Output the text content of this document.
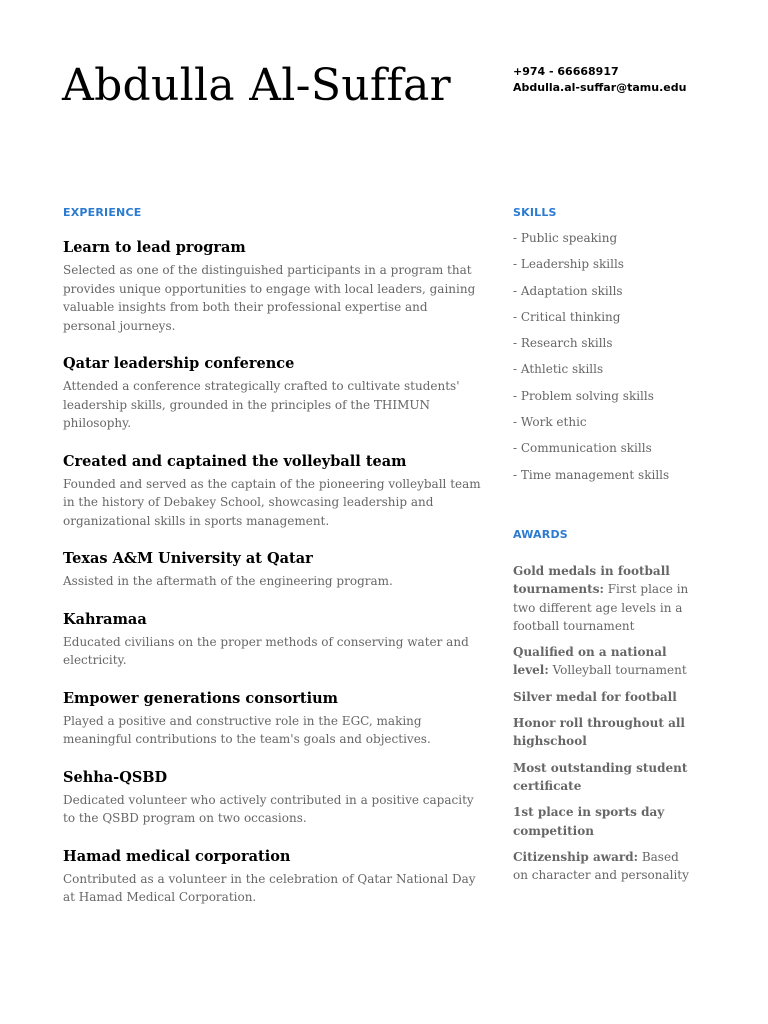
Abdulla Al-Suffar	+974 - 66668917
Abdulla.al-suffar@tamu.edu
EXPERIENCE
Learn to lead program

Selected as one of the distinguished participants in a program that provides unique opportunities to engage with local leaders, gaining valuable insights from both their professional expertise and personal journeys.

Qatar leadership conference

Attended a conference strategically crafted to cultivate students' leadership skills, grounded in the principles of the THIMUN philosophy.

Created and captained the volleyball team

Founded and served as the captain of the pioneering volleyball team in the history of Debakey School, showcasing leadership and organizational skills in sports management.

Texas A&M University at Qatar

Assisted in the aftermath of the engineering program.

Kahramaa

Educated civilians on the proper methods of conserving water and electricity.

Empower generations consortium

Played a positive and constructive role in the EGC, making meaningful contributions to the team's goals and objectives.

Sehha-QSBD

Dedicated volunteer who actively contributed in a positive capacity to the QSBD program on two occasions.

Hamad medical corporation

Contributed as a volunteer in the celebration of Qatar National Day at Hamad Medical Corporation.

SKILLS
- Public speaking
- Leadership skills
- Adaptation skills
- Critical thinking
- Research skills
- Athletic skills
- Problem solving skills
- Work ethic
- Communication skills
- Time management skills
AWARDS
Gold medals in football tournaments: First place in two different age levels in a football tournament
Qualified on a national level: Volleyball tournament
Silver medal for football
Honor roll throughout all highschool
Most outstanding student certificate
1st place in sports day competition
Citizenship award: Based on character and personality
